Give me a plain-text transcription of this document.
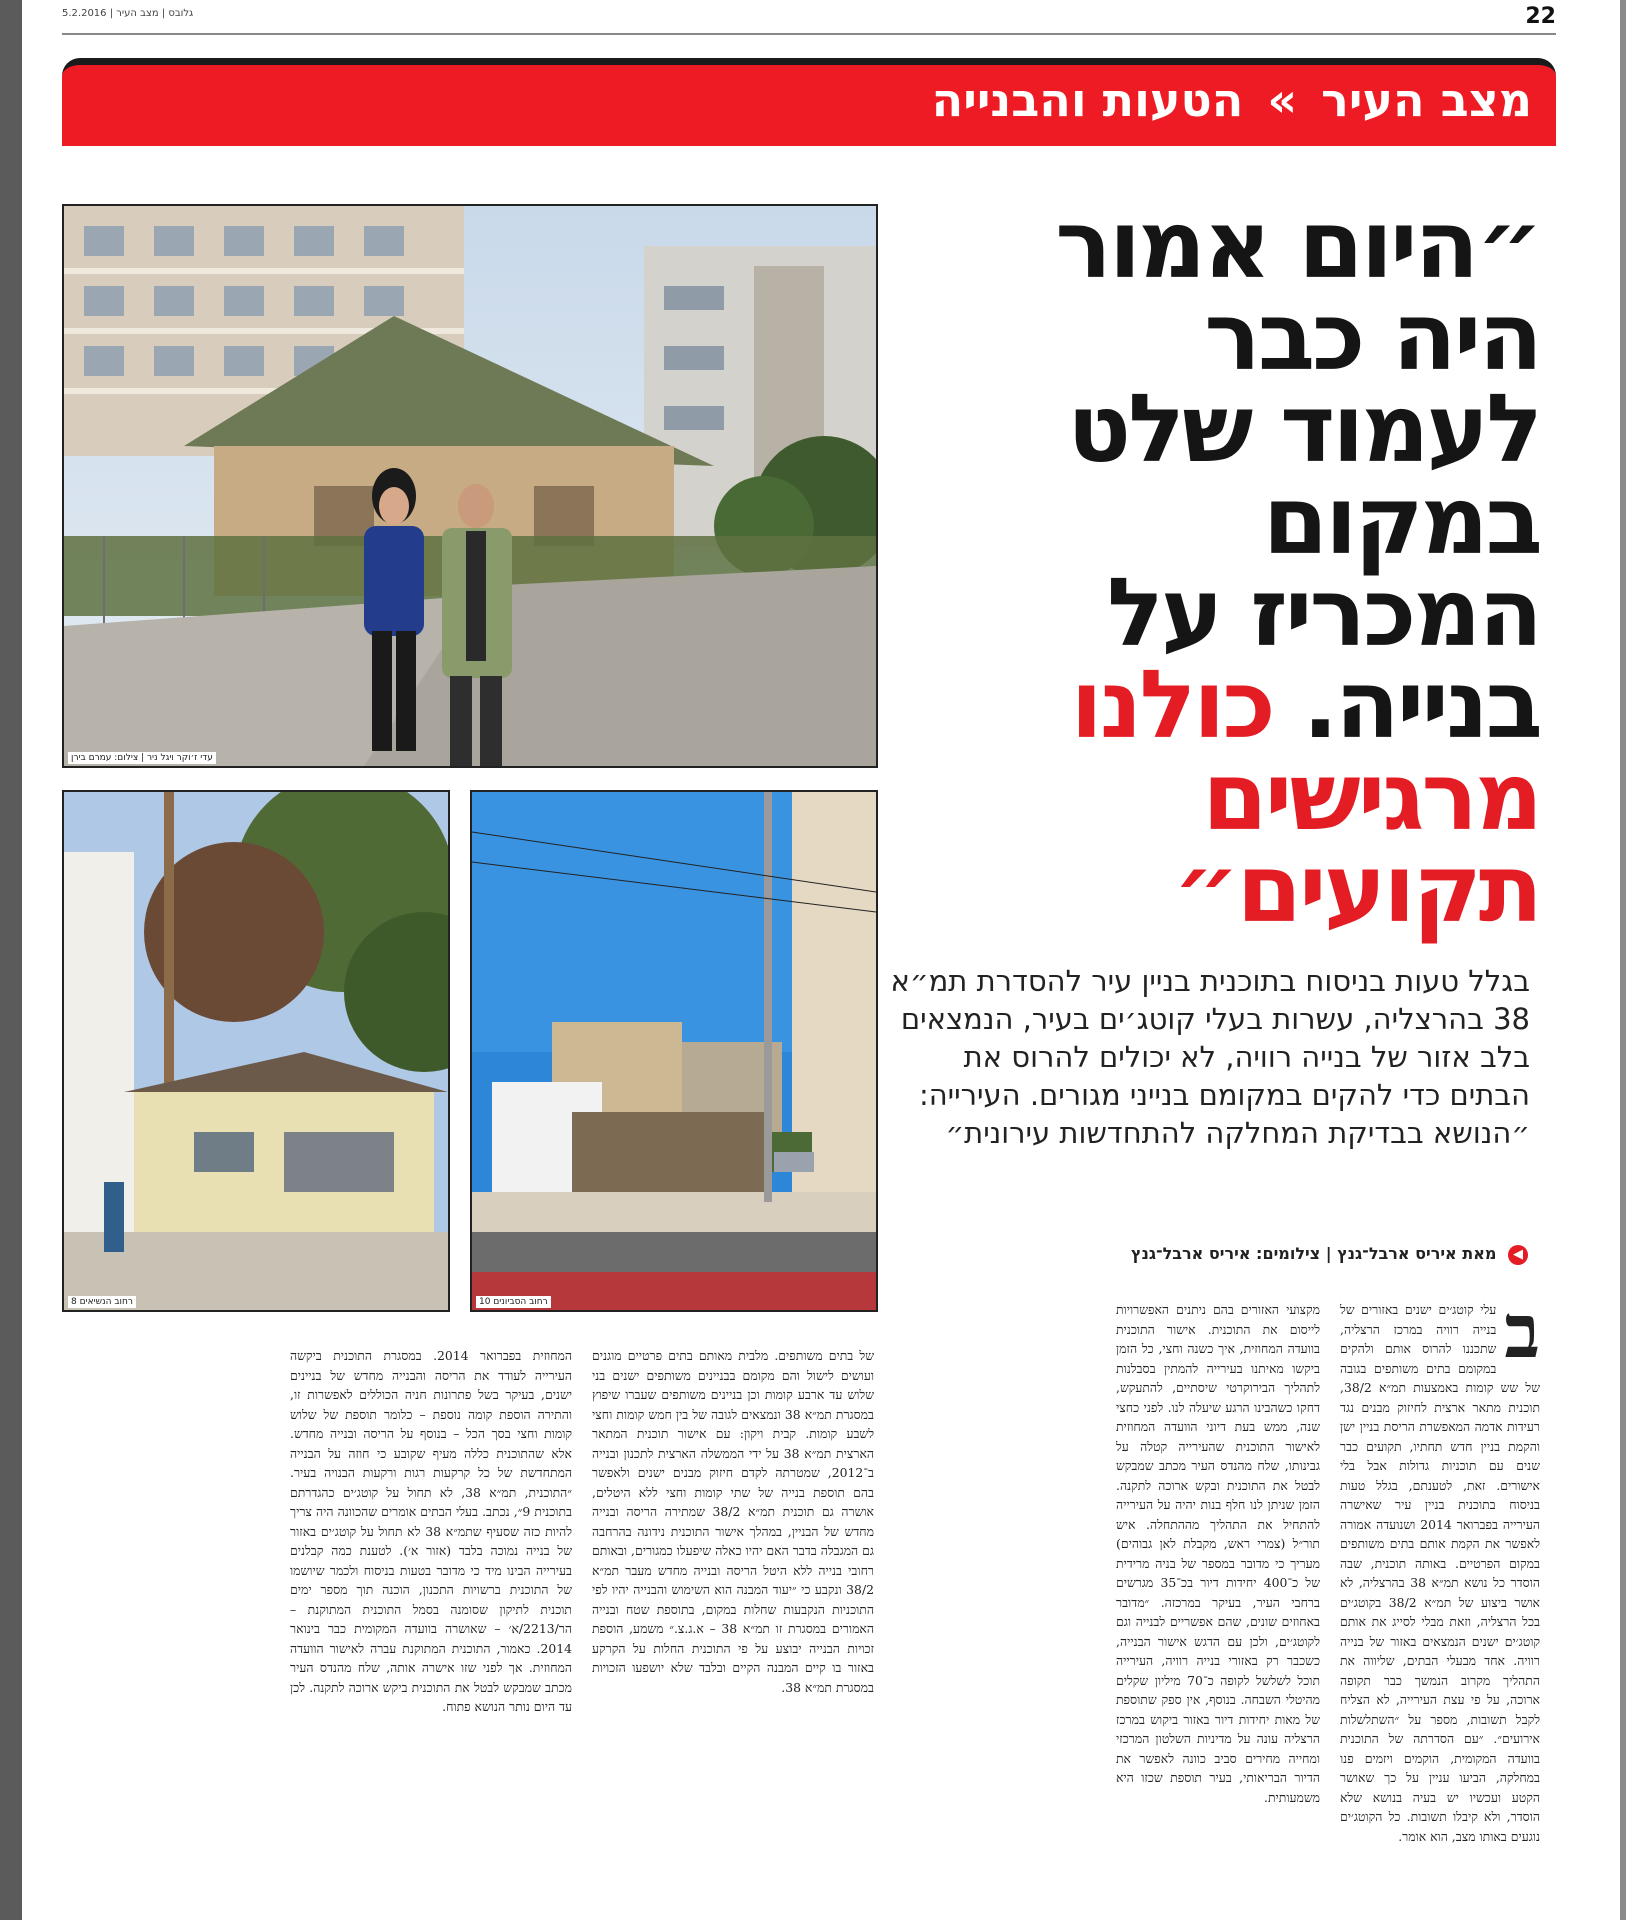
5.2.2016 | גלובס | מצב העיר	22
מצב העיר » הטעות והבנייה
עדי ז׳וקר ויגל ניר | צילום: עמרם בירן
רחוב הנשיאים 8	רחוב הסביונים 10
״היום אמור
היה כבר
לעמוד שלט
במקום
המכריז על
בנייה. כולנו
מרגישים
תקועים״
בגלל טעות בניסוח בתוכנית בניין עיר להסדרת תמ״א 38 בהרצליה, עשרות בעלי קוטג׳ים בעיר, הנמצאים בלב אזור של בנייה רוויה, לא יכולים להרוס את הבתים כדי להקים במקומם בנייני מגורים. העירייה: ״הנושא בבדיקת המחלקה להתחדשות עירונית״
◀ מאת איריס ארבל־גנץ | צילומים: איריס ארבל־גנץ
ב
עלי קוטג׳ים ישנים באזורים של בנייה רוויה במרכז הרצליה, שתכננו להרוס אותם ולהקים במקומם בתים משותפים בגובה של שש קומות באמצעות תמ״א 38/2, תוכנית מתאר ארצית לחיזוק מבנים נגד רעידות אדמה המאפשרת הריסת בניין ישן והקמת בניין חדש תחתיו, תקועים כבר שנים עם תוכניות גדולות אבל בלי אישורים. זאת, לטענתם, בגלל טעות בניסוח בתוכנית בניין עיר שאישרה העירייה בפברואר 2014 ושנועדה אמורה לאפשר את הקמת אותם בתים משותפים במקום הפרטיים. באותה תוכנית, שבה הוסדר כל נושא תמ״א 38 בהרצליה, לא אושר ביצוע של תמ״א 38/2 בקוטג׳ים בכל הרצליה, וזאת מבלי לסייג את אותם קוטג׳ים ישנים הנמצאים באזור של בנייה רוויה. אחד מבעלי הבתים, שליווה את התהליך מקרוב הנמשך כבר תקופה ארוכה, על פי עצת העירייה, לא הצליח לקבל תשובות, מספר על ״השתלשלות אירועים״. ״עם הסדרתה של התוכנית בוועדה המקומית, הוקמים ויזמים פנו במחלקה, הביעו עניין על כך שאושר הקטע ועכשיו יש בעיה בנושא שלא הוסדר, ולא קיבלו תשובות. כל הקוטג׳ים נוגעים באותו מצב, הוא אומר.
מקצועי האזורים בהם ניתנים האפשרויות לייסום את התוכנית. אישור התוכנית בוועדה המחוזית, איך כשנה וחצי, כל הזמן ביקשו מאיתנו בעירייה להמתין בסבלנות לתהליך הבירוקרטי שיסתיים, להתעקש, דחקו כשהבינו הרגע שיעלה לנו. לפני כחצי שנה, ממש בעת דיוני הוועדה המחוזית לאישור התוכנית שהעירייה קטלה על גבינותו, שלח מהנדס העיר מכתב שמבקש לבטל את התוכנית ובקש ארוכה לתקנה. הזמן שניתן לנו חלף בנות יהיה על העירייה להתחיל את התהליך מההתחלה. איש תור״ל (צמרי ראש, מקבלת לאן גבוהים) מעריך כי מדובר במספר של בניה מרידית של כ־400 יחידות דיור בכ־35 מגרשים ברחבי העיר, בעיקר במרכזה. ״מדובר באחוזים שונים, שהם אפשריים לבנייה וגם לקוטג׳ים, ולכן עם הדגש אישור הבנייה, כשכבר רק באזורי בנייה רוויה, העירייה תוכל לשלשל לקופה כ־70 מיליון שקלים מהיטלי השבחה. בנוסף, אין ספק שתוספת של מאות יחידות דיור באזור ביקוש במרכז הרצליה עונה על מדיניות השלטון המרכזי ומחייה מחירים סביב כוונה לאפשר את הדיור הבריאותי, בעיר תוספת שכזו היא משמעותית.
של בתים משותפים. מלבית מאותם בתים פרטיים מוגנים ועושים לישול והם מקומם בבניינים משותפים ישנים בני שלוש עד ארבע קומות וכן בניינים משותפים שעברו שיפוץ במסגרת תמ״א 38 ונמצאים לגובה של בין חמש קומות וחצי לשבע קומות. קבית ויקון: עם אישור תוכנית המתאר הארצית תמ״א 38 על ידי הממשלה הארצית לתכנון ובנייה ב־2012, שמטרתה לקדם חיזוק מבנים ישנים ולאפשר בהם תוספת בנייה של שתי קומות וחצי ללא היטלים, אושרה גם תוכנית תמ״א 38/2 שמתירה הריסה ובנייה מחדש של הבניין, במהלך אישור התוכנית נידונה בהרחבה גם המגבלה בדבר האם יהיו כאלה שיפעלו כמגורים, ובאותם רחובי בנייה ללא היטל הריסה ובנייה מחדש מעבר תמ״א 38/2 ונקבע כי ״יעוד המבנה הוא השימוש והבנייה יהיו לפי התוכניות הנקבעות שחלות במקום, בתוספת שטח ובנייה האמורים במסגרת זו תמ״א 38 – א.ג.צ.״ משמע, הוספת זכויות הבנייה יבוצע על פי התוכנית החלות על הקרקע באזור בו קיים המבנה הקיים ובלבד שלא יושפעו הזכויות במסגרת תמ״א 38.
המחוזית בפברואר 2014. במסגרת התוכנית ביקשה העירייה לעודד את הריסה והבנייה מחדש של בניינים ישנים, בעיקר בשל פתרונות חניה הכוללים לאפשרות זו, והתירה הוספת קומה נוספת – כלומר תוספת של שלוש קומות וחצי בסך הכל – בנוסף על הריסה ובנייה מחדש. אלא שהתוכנית כללה מעיף שקובע כי חוזה על הבנייה המתחדשת של כל קרקעות רגות ורקעות הבנויה בעיר. ״התוכנית, תמ״א 38, לא תחול על קוטג׳ים כהגדרתם בתוכנית 9״, נכתב. בעלי הבתים אומרים שהכוונה היה צריך להיות כזה שסעיף שתמ״א 38 לא תחול על קוטג׳ים באזור של בנייה נמוכה בלבד (אזור א׳). לטענת כמה קבלנים בעירייה הבינו מיד כי מדובר בטעות בניסוח ולכמר שיושמו של התוכנית ברשויות התכנון, הוכנה תוך מספר ימים תוכנית לתיקון שסומנה בסמל התוכנית המתוקנת – הר/2213/א׳ – שאושרה בוועדה המקומית כבר בינואר 2014. כאמור, התוכנית המתוקנת עברה לאישור הוועדה המחוזית. אך לפני שזו אישרה אותה, שלח מהנדס העיר מכתב שמבקש לבטל את התוכנית ביקש ארוכה לתקנה. לכן עד היום נותר הנושא פתוח.
